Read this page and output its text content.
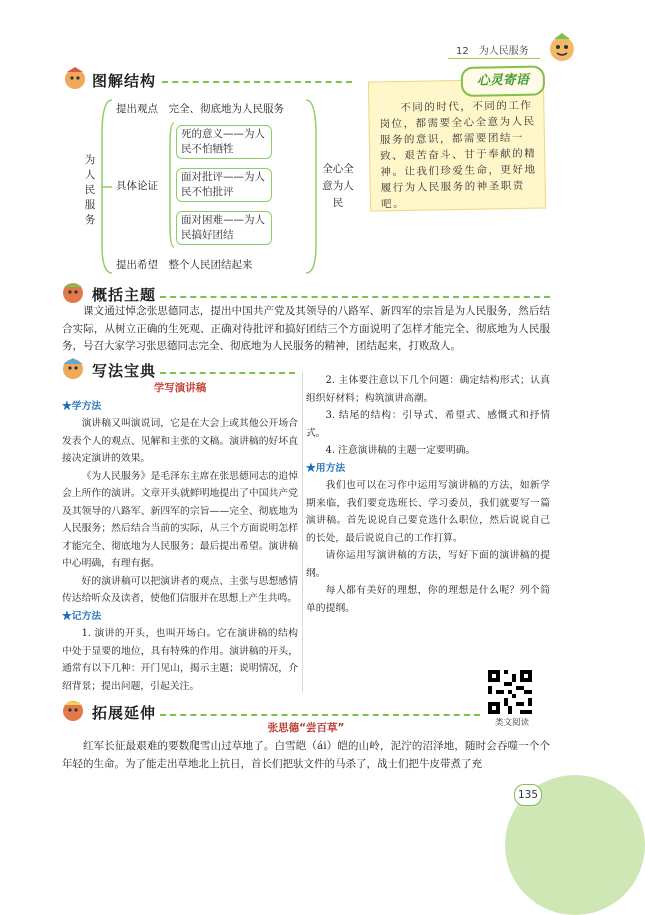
12　为人民服务
图解结构
为人民服务
提出观点　完全、彻底地为人民服务
具体论证
死的意义——为人民不怕牺牲
面对批评——为人民不怕批评
面对困难——为人民搞好团结
提出希望　整个人民团结起来
全心全意为人民
心灵寄语
不同的时代，不同的工作岗位，都需要全心全意为人民服务的意识，都需要团结一致、艰苦奋斗、甘于奉献的精神。让我们珍爱生命，更好地履行为人民服务的神圣职责吧。
概括主题

课文通过悼念张思德同志，提出中国共产党及其领导的八路军、新四军的宗旨是为人民服务，然后结合实际，从树立正确的生死观、正确对待批评和搞好团结三个方面说明了怎样才能完全、彻底地为人民服务，号召大家学习张思德同志完全、彻底地为人民服务的精神，团结起来，打败敌人。

写法宝典
学写演讲稿

★学方法

演讲稿又叫演说词，它是在大会上或其他公开场合发表个人的观点、见解和主张的文稿。演讲稿的好坏直接决定演讲的效果。

《为人民服务》是毛泽东主席在张思德同志的追悼会上所作的演讲。文章开头就鲜明地提出了中国共产党及其领导的八路军、新四军的宗旨——完全、彻底地为人民服务；然后结合当前的实际，从三个方面说明怎样才能完全、彻底地为人民服务；最后提出希望。演讲稿中心明确，有理有据。

好的演讲稿可以把演讲者的观点、主张与思想感情传达给听众及读者，使他们信服并在思想上产生共鸣。

★记方法

1. 演讲的开头，也叫开场白。它在演讲稿的结构中处于显要的地位，具有特殊的作用。演讲稿的开头，通常有以下几种：开门见山，揭示主题；说明情况，介绍背景；提出问题，引起关注。

2. 主体要注意以下几个问题：确定结构形式；认真组织好材料；构筑演讲高潮。

3. 结尾的结构：引导式、希望式、感慨式和抒情式。

4. 注意演讲稿的主题一定要明确。

★用方法

我们也可以在习作中运用写演讲稿的方法，如新学期来临，我们要竞选班长、学习委员，我们就要写一篇演讲稿。首先说说自己要竞选什么职位，然后说说自己的长处，最后说说自己的工作打算。

请你运用写演讲稿的方法，写好下面的演讲稿的提纲。

每人都有美好的理想，你的理想是什么呢？列个简单的提纲。

类文阅读
拓展延伸
张思德“尝百草”

红军长征最艰难的要数爬雪山过草地了。白雪皑（ái）皑的山岭，泥泞的沼泽地，随时会吞噬一个个年轻的生命。为了能走出草地北上抗日，首长们把驮文件的马杀了，战士们把牛皮带煮了充

135
